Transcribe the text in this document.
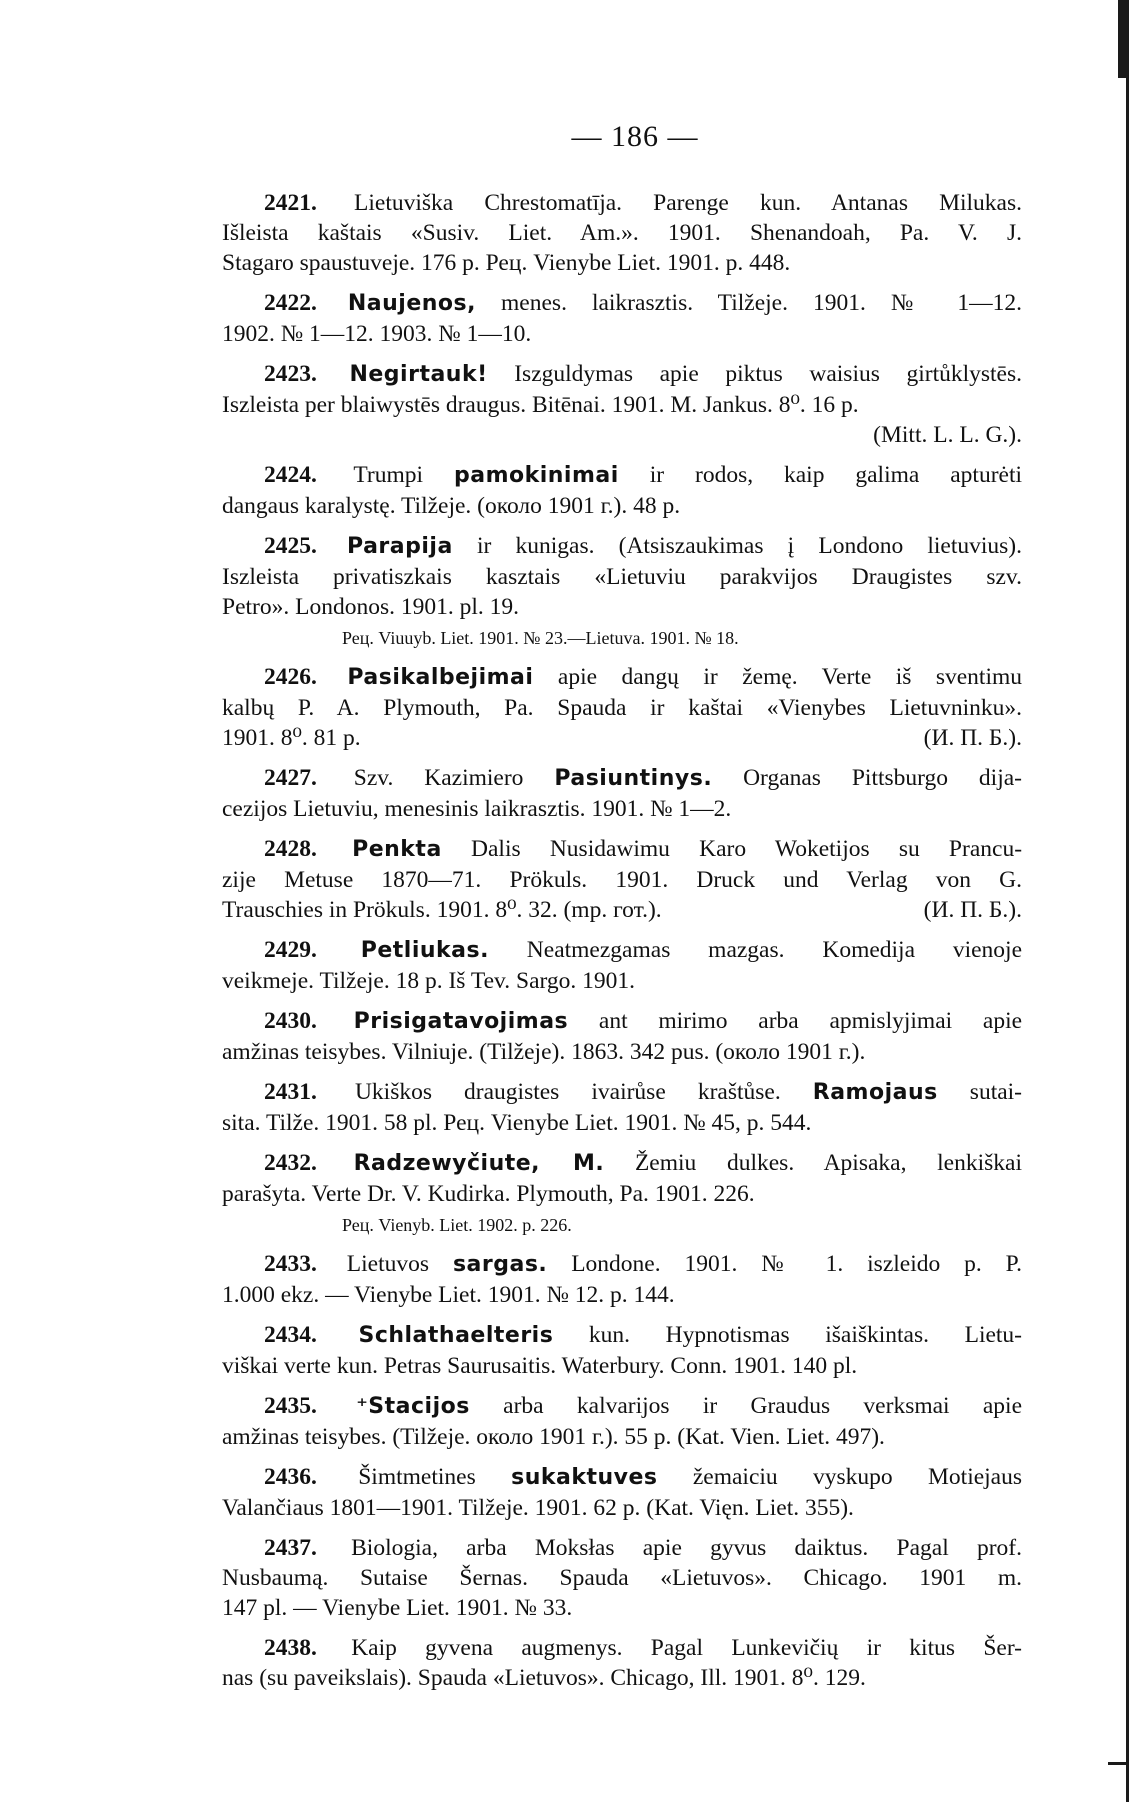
— 186 —
2421. Lietuviška Chrestomatīja. Parenge kun. Antanas Milukas.
Išleista kaštais «Susiv. Liet. Am.». 1901. Shenandoah, Pa. V. J.
Stagaro spaustuveje. 176 p. Рец. Vienybe Liet. 1901. p. 448.
2422. Naujenos, menes. laikrasztis. Tilžeje. 1901. № 1—12.
1902. № 1—12. 1903. № 1—10.
2423. Negirtauk! Iszguldymas apie piktus waisius girtůklystēs.
Iszleista per blaiwystēs draugus. Bitēnai. 1901. M. Jankus. 8⁰. 16 p.
(Mitt. L. L. G.).
2424. Trumpi pamokinimai ir rodos, kaip galima apturėti
dangaus karalystę. Tilžeje. (около 1901 г.). 48 p.
2425. Parapija ir kunigas. (Atsiszaukimas į Londono lietuvius).
Iszleista privatiszkais kasztais «Lietuviu parakvijos Draugistes szv.
Petro». Londonos. 1901. pl. 19.
Рец. Viuuyb. Liet. 1901. № 23.—Lietuva. 1901. № 18.
2426. Pasikalbejimai apie dangų ir žemę. Verte iš sventimu
kalbų P. A. Plymouth, Pa. Spauda ir kaštai «Vienybes Lietuvninku».
1901. 8⁰. 81 p.	(И. П. Б.).
2427. Szv. Kazimiero Pasiuntinys. Organas Pittsburgo dija-
cezijos Lietuviu, menesinis laikrasztis. 1901. № 1—2.
2428. Penkta Dalis Nusidawimu Karo Woketijos su Prancu-
zije Metuse 1870—71. Prökuls. 1901. Druck und Verlag von G.
Trauschies in Prökuls. 1901. 8⁰. 32. (mp. гот.).	(И. П. Б.).
2429. Petliukas. Neatmezgamas mazgas. Komedija vienoje
veikmeje. Tilžeje. 18 p. Iš Tev. Sargo. 1901.
2430. Prisigatavojimas ant mirimo arba apmislyjimai apie
amžinas teisybes. Vilniuje. (Tilžeje). 1863. 342 pus. (около 1901 г.).
2431. Ukiškos draugistes ivairůse kraštůse. Ramojaus sutai-
sita. Tilže. 1901. 58 pl. Рец. Vienybe Liet. 1901. № 45, p. 544.
2432. Radzewyčiute, M. Žemiu dulkes. Apisaka, lenkiškai
parašyta. Verte Dr. V. Kudirka. Plymouth, Pa. 1901. 226.
Рец. Vienyb. Liet. 1902. p. 226.
2433. Lietuvos sargas. Londone. 1901. № 1. iszleido p. P.
1.000 ekz. — Vienybe Liet. 1901. № 12. p. 144.
2434. Schlathaelteris kun. Hypnotismas išaiškintas. Lietu-
viškai verte kun. Petras Saurusaitis. Waterbury. Conn. 1901. 140 pl.
2435. ⁺Stacijos arba kalvarijos ir Graudus verksmai apie
amžinas teisybes. (Tilžeje. около 1901 г.). 55 p. (Kat. Vien. Liet. 497).
2436. Šimtmetines sukaktuves žemaiciu vyskupo Motiejaus
Valančiaus 1801—1901. Tilžeje. 1901. 62 p. (Kat. Vięn. Liet. 355).
2437. Biologia, arba Moksłas apie gyvus daiktus. Pagal prof.
Nusbaumą. Sutaise Šernas. Spauda «Lietuvos». Chicago. 1901 m.
147 pl. — Vienybe Liet. 1901. № 33.
2438. Kaip gyvena augmenys. Pagal Lunkevičių ir kitus Šer-
nas (su paveikslais). Spauda «Lietuvos». Chicago, Ill. 1901. 8⁰. 129.
